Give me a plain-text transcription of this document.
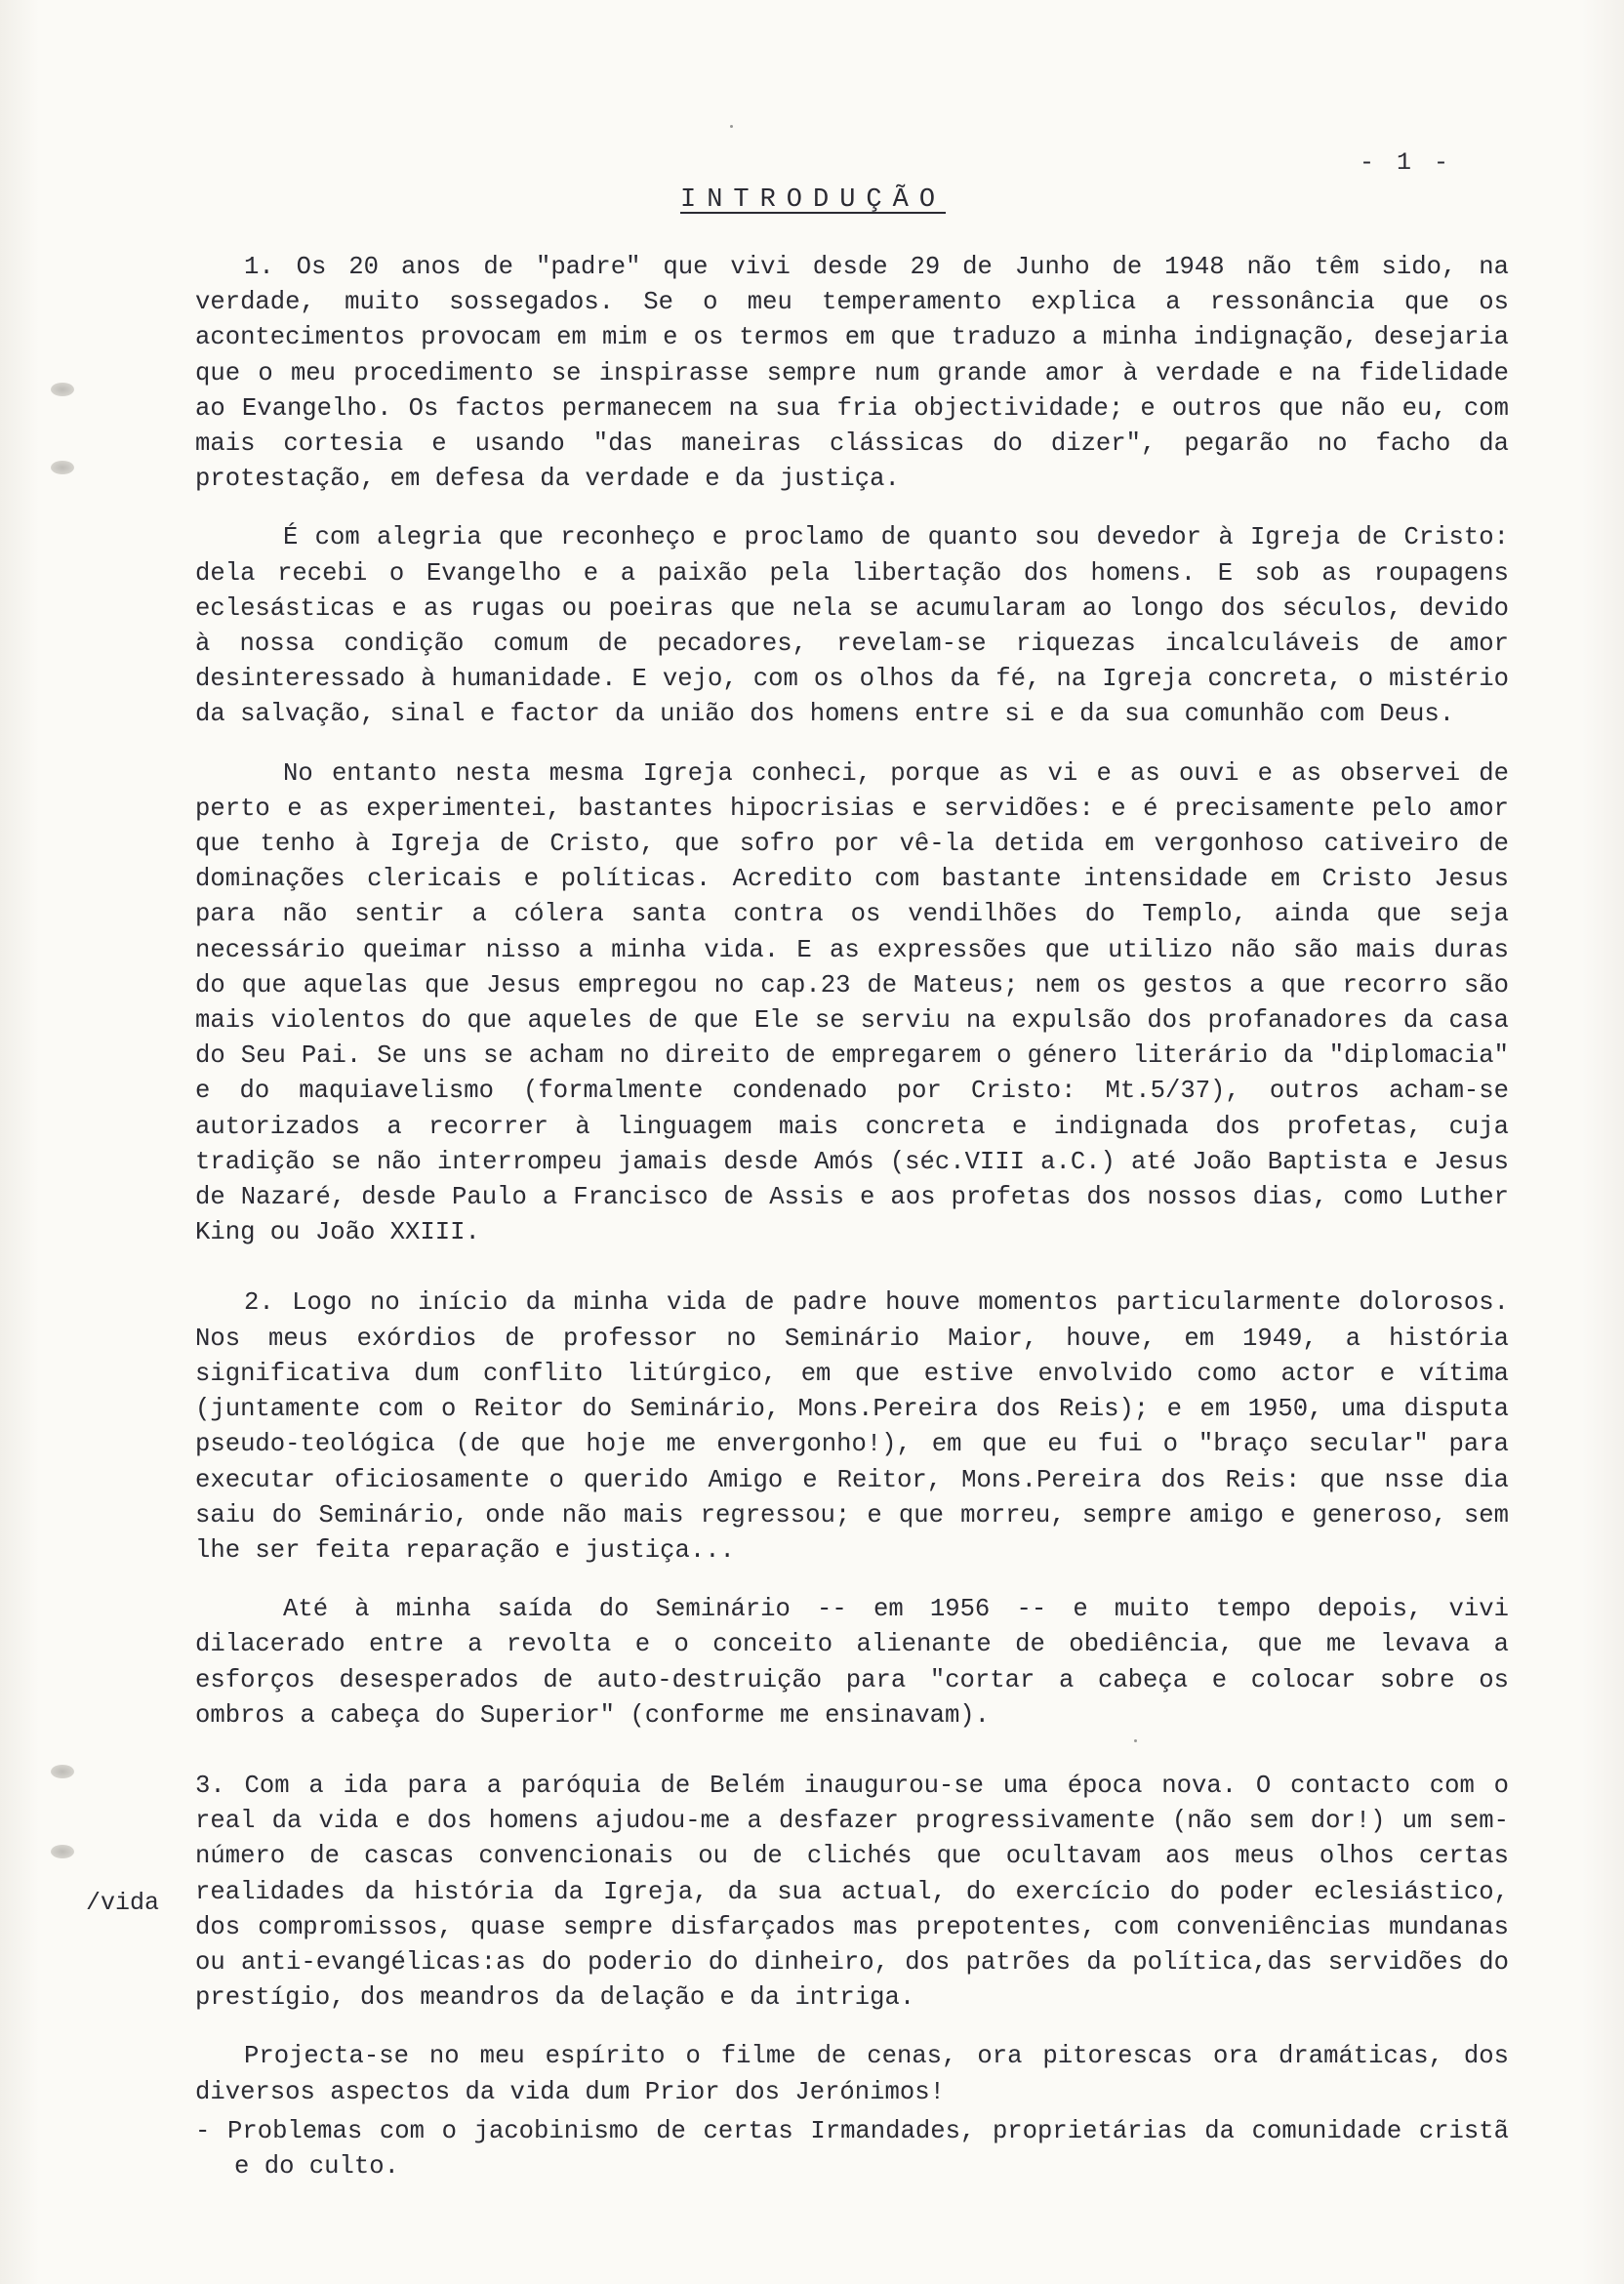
- 1 -
INTRODUÇÃO
/vida

1. Os 20 anos de "padre" que vivi desde 29 de Junho de 1948 não têm sido, na verdade, muito sossegados. Se o meu temperamento explica a ressonância que os acontecimentos provocam em mim e os termos em que traduzo a minha indignação, desejaria que o meu procedimento se inspirasse sempre num grande amor à verdade e na fidelidade ao Evangelho. Os factos permanecem na sua fria objectividade; e outros que não eu, com mais cortesia e usando "das maneiras clássicas do dizer", pegarão no facho da protestação, em defesa da verdade e da justiça.

É com alegria que reconheço e proclamo de quanto sou devedor à Igreja de Cristo: dela recebi o Evangelho e a paixão pela libertação dos homens. E sob as roupagens eclesásticas e as rugas ou poeiras que nela se acumularam ao longo dos séculos, devido à nossa condição comum de pecadores, revelam-se riquezas incalculáveis de amor desinteressado à humanidade. E vejo, com os olhos da fé, na Igreja concreta, o mistério da salvação, sinal e factor da união dos homens entre si e da sua comunhão com Deus.

No entanto nesta mesma Igreja conheci, porque as vi e as ouvi e as observei de perto e as experimentei, bastantes hipocrisias e servidões: e é precisamente pelo amor que tenho à Igreja de Cristo, que sofro por vê-la detida em vergonhoso cativeiro de dominações clericais e políticas. Acredito com bastante intensidade em Cristo Jesus para não sentir a cólera santa contra os vendilhões do Templo, ainda que seja necessário queimar nisso a minha vida. E as expressões que utilizo não são mais duras do que aquelas que Jesus empregou no cap.23 de Mateus; nem os gestos a que recorro são mais violentos do que aqueles de que Ele se serviu na expulsão dos profanadores da casa do Seu Pai. Se uns se acham no direito de empregarem o género literário da "diplomacia" e do maquiavelismo (formalmente condenado por Cristo: Mt.5/37), outros acham-se autorizados a recorrer à linguagem mais concreta e indignada dos profetas, cuja tradição se não interrompeu jamais desde Amós (séc.VIII a.C.) até João Baptista e Jesus de Nazaré, desde Paulo a Francisco de Assis e aos profetas dos nossos dias, como Luther King ou João XXIII.

2. Logo no início da minha vida de padre houve momentos particularmente dolorosos. Nos meus exórdios de professor no Seminário Maior, houve, em 1949, a história significativa dum conflito litúrgico, em que estive envolvido como actor e vítima (juntamente com o Reitor do Seminário, Mons.Pereira dos Reis); e em 1950, uma disputa pseudo-teológica (de que hoje me envergonho!), em que eu fui o "braço secular" para executar oficiosamente o querido Amigo e Reitor, Mons.Pereira dos Reis: que nsse dia saiu do Seminário, onde não mais regressou; e que morreu, sempre amigo e generoso, sem lhe ser feita reparação e justiça...

Até à minha saída do Seminário -- em 1956 -- e muito tempo depois, vivi dilacerado entre a revolta e o conceito alienante de obediência, que me levava a esforços desesperados de auto-destruição para "cortar a cabeça e colocar sobre os ombros a cabeça do Superior" (conforme me ensinavam).

3. Com a ida para a paróquia de Belém inaugurou-se uma época nova. O contacto com o real da vida e dos homens ajudou-me a desfazer progressivamente (não sem dor!) um sem-número de cascas convencionais ou de clichés que ocultavam aos meus olhos certas realidades da história da Igreja, da sua actual, do exercício do poder eclesiástico, dos compromissos, quase sempre disfarçados mas prepotentes, com conveniências mundanas ou anti-evangélicas:as do poderio do dinheiro, dos patrões da política,das servidões do prestígio, dos meandros da delação e da intriga.

Projecta-se no meu espírito o filme de cenas, ora pitorescas ora dramáticas, dos diversos aspectos da vida dum Prior dos Jerónimos!

- Problemas com o jacobinismo de certas Irmandades, proprietárias da comunidade cristã e do culto.
